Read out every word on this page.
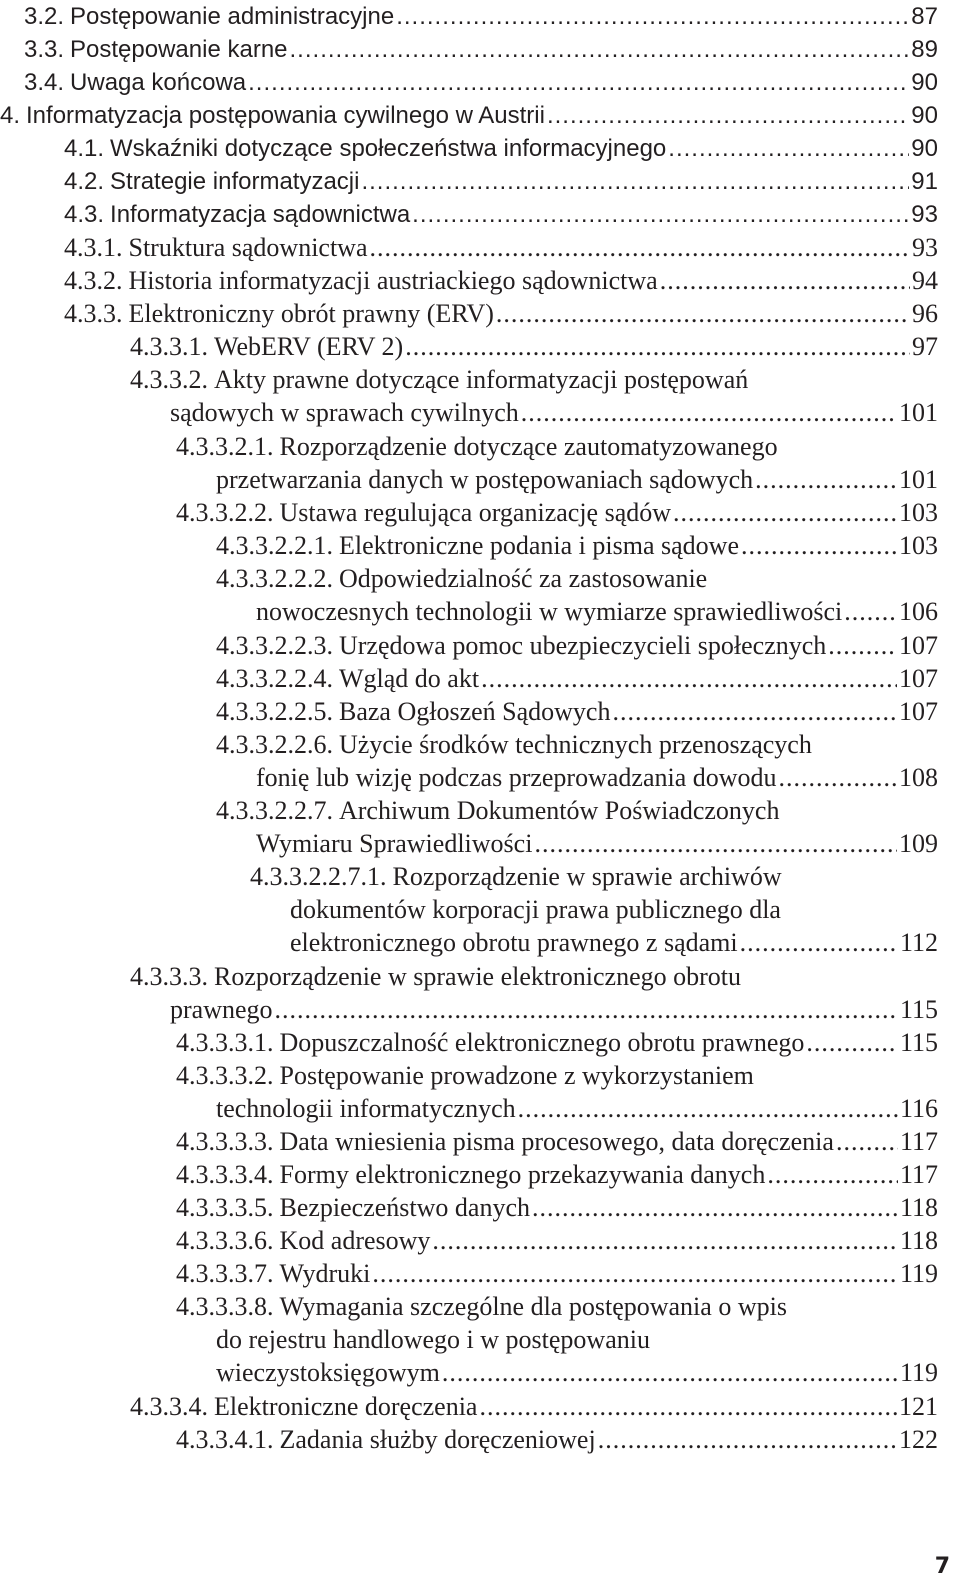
3.2. Postępowanie administracyjne .....	87
3.3. Postępowanie karne .....	89
3.4. Uwaga końcowa .....	90
4. Informatyzacja postępowania cywilnego w Austrii .....	90
4.1. Wskaźniki dotyczące społeczeństwa informacyjnego .....	90
4.2. Strategie informatyzacji .....	91
4.3. Informatyzacja sądownictwa .....	93
4.3.1. Struktura sądownictwa .....	93
4.3.2. Historia informatyzacji austriackiego sądownictwa .....	94
4.3.3. Elektroniczny obrót prawny (ERV) .....	96
4.3.3.1. WebERV (ERV 2) .....	97
4.3.3.2. Akty prawne dotyczące informatyzacji postępowań
sądowych w sprawach cywilnych .....	101
4.3.3.2.1. Rozporządzenie dotyczące zautomatyzowanego
przetwarzania danych w postępowaniach sądowych .....	101
4.3.3.2.2. Ustawa regulująca organizację sądów .....	103
4.3.3.2.2.1. Elektroniczne podania i pisma sądowe .....	103
4.3.3.2.2.2. Odpowiedzialność za zastosowanie
nowoczesnych technologii w wymiarze sprawiedliwości ..... 106
4.3.3.2.2.3. Urzędowa pomoc ubezpieczycieli społecznych .....	107
4.3.3.2.2.4. Wgląd do akt .....	107
4.3.3.2.2.5. Baza Ogłoszeń Sądowych .....	107
4.3.3.2.2.6. Użycie środków technicznych przenoszących
fonię lub wizję podczas przeprowadzania dowodu .....	108
4.3.3.2.2.7. Archiwum Dokumentów Poświadczonych
Wymiaru Sprawiedliwości .....	109
4.3.3.2.2.7.1. Rozporządzenie w sprawie archiwów
dokumentów korporacji prawa publicznego dla
elektronicznego obrotu prawnego z sądami .....	112
4.3.3.3. Rozporządzenie w sprawie elektronicznego obrotu
prawnego .....	115
4.3.3.3.1. Dopuszczalność elektronicznego obrotu prawnego .....	115
4.3.3.3.2. Postępowanie prowadzone z wykorzystaniem
technologii informatycznych .....	116
4.3.3.3.3. Data wniesienia pisma procesowego, data doręczenia .....	117
4.3.3.3.4. Formy elektronicznego przekazywania danych .....	117
4.3.3.3.5. Bezpieczeństwo danych .....	118
4.3.3.3.6. Kod adresowy .....	118
4.3.3.3.7. Wydruki .....	119
4.3.3.3.8. Wymagania szczególne dla postępowania o wpis
do rejestru handlowego i w postępowaniu
wieczystoksięgowym .....	119
4.3.3.4. Elektroniczne doręczenia .....	121
4.3.3.4.1. Zadania służby doręczeniowej .....	122
7
